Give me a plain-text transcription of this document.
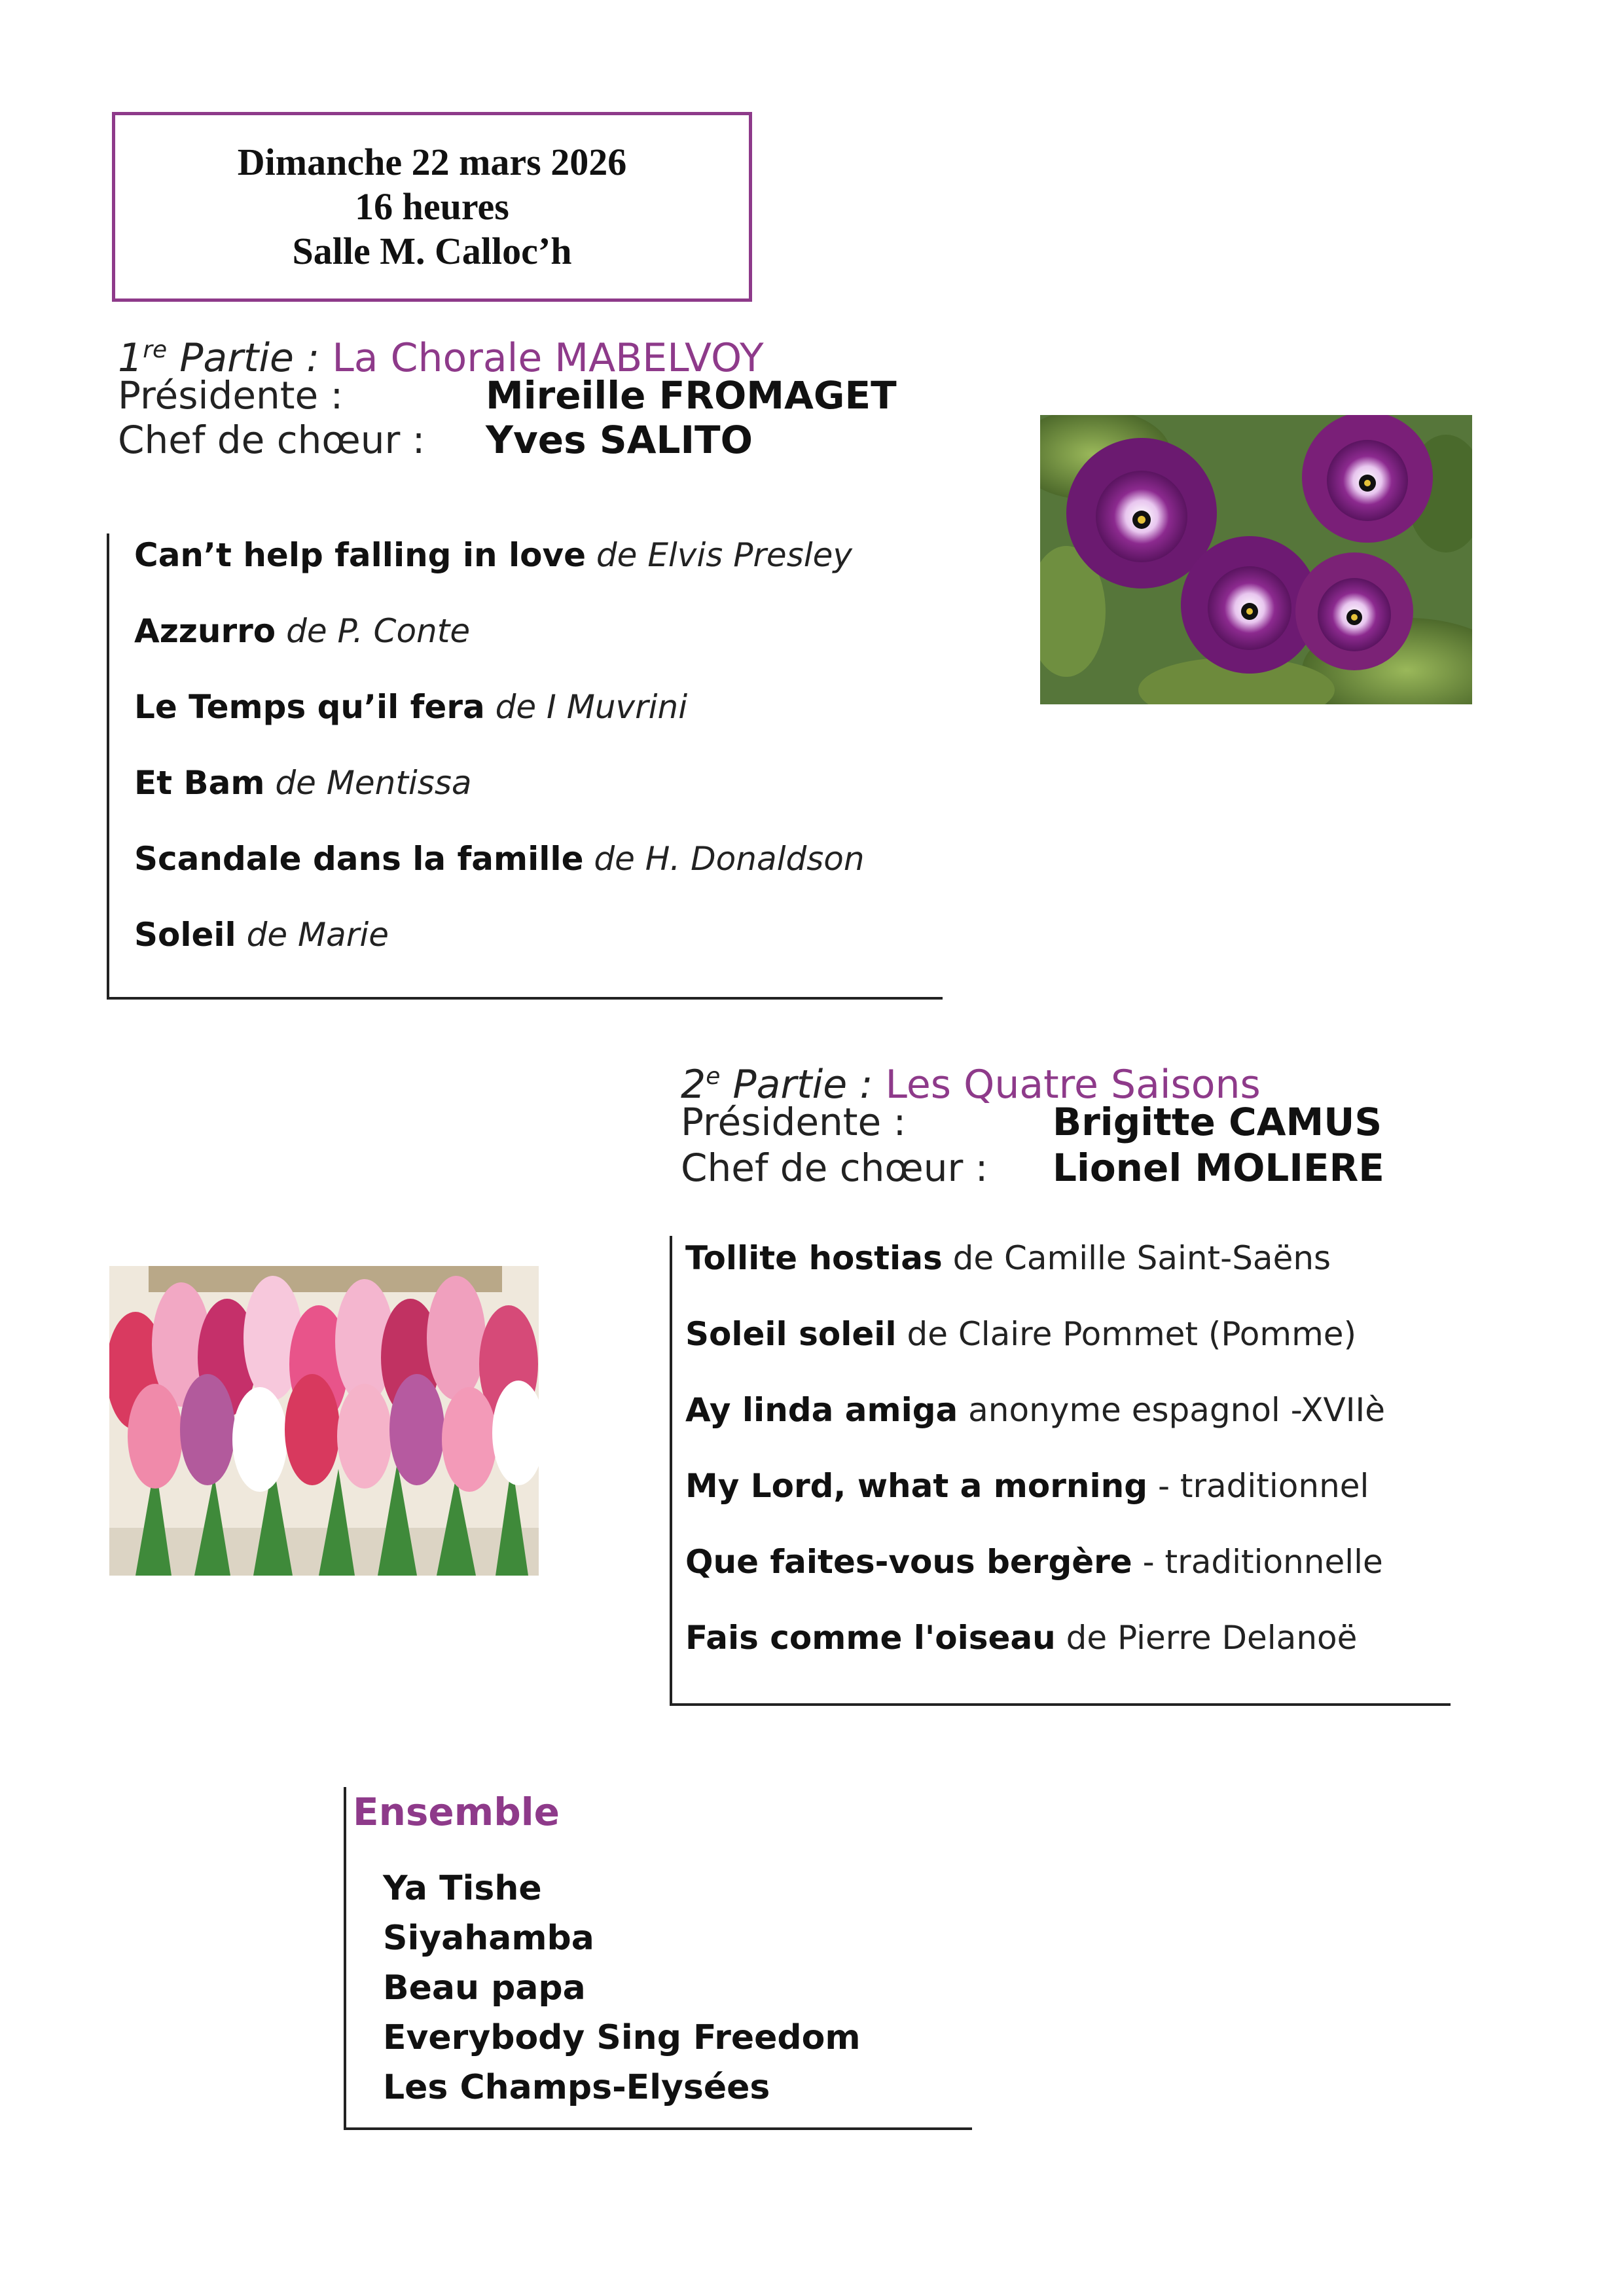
Dimanche 22 mars 2026
16 heures
Salle M. Calloc’h
1re Partie : La Chorale MABELVOY
Présidente :	Mireille FROMAGET
Chef de chœur : Yves SALITO
Can’t help falling in love de Elvis Presley
Azzurro de P. Conte
Le Temps qu’il fera de I Muvrini
Et Bam de Mentissa
Scandale dans la famille de H. Donaldson
Soleil de Marie
2e Partie : Les Quatre Saisons
Présidente :	Brigitte CAMUS
Chef de chœur : Lionel MOLIERE
Tollite hostias de Camille Saint-Saëns
Soleil soleil de Claire Pommet (Pomme)
Ay linda amiga anonyme espagnol -XVIIè
My Lord, what a morning - traditionnel
Que faites-vous bergère - traditionnelle
Fais comme l'oiseau de Pierre Delanoë
Ensemble
Ya Tishe
Siyahamba
Beau papa
Everybody Sing Freedom
Les Champs-Elysées
